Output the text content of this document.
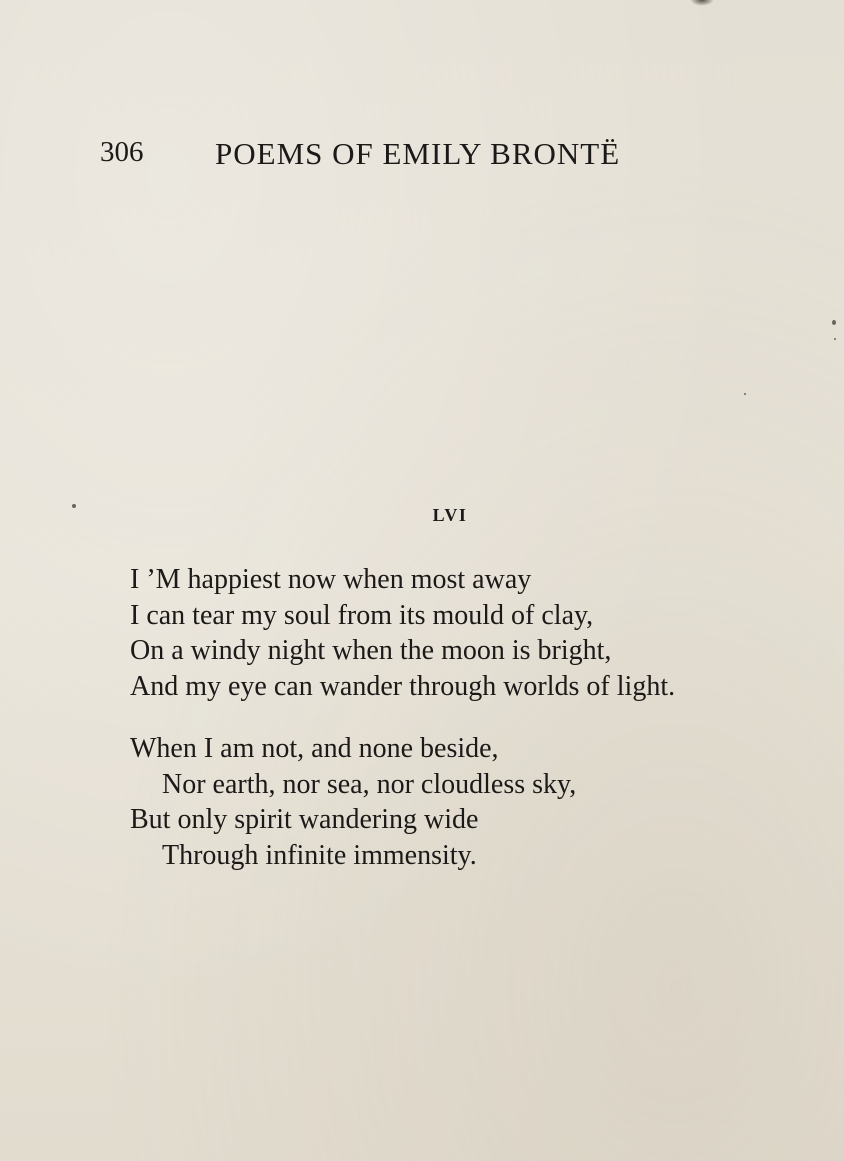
306 POEMS OF EMILY BRONTË
LVI
I ’M happiest now when most away
I can tear my soul from its mould of clay,
On a windy night when the moon is bright,
And my eye can wander through worlds of light.
When I am not, and none beside,
Nor earth, nor sea, nor cloudless sky,
But only spirit wandering wide
Through infinite immensity.
